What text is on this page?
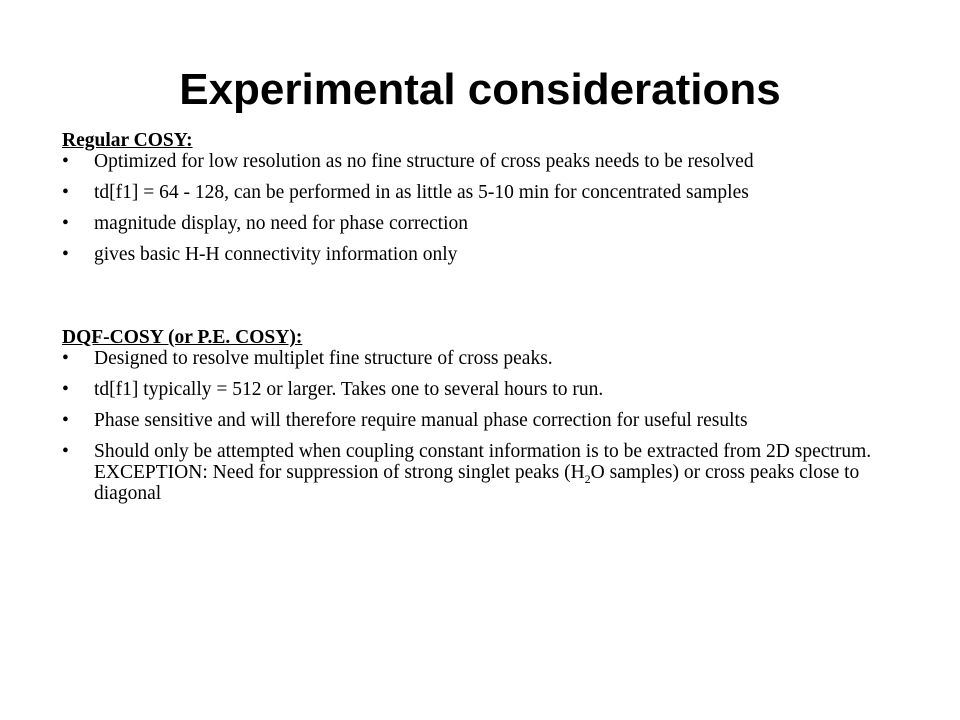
Experimental considerations

Regular COSY:

• Optimized for low resolution as no fine structure of cross peaks needs to be resolved
• td[f1] = 64 - 128, can be performed in as little as 5-10 min for concentrated samples
• magnitude display, no need for phase correction
• gives basic H-H connectivity information only

DQF-COSY (or P.E. COSY):

• Designed to resolve multiplet fine structure of cross peaks.
• td[f1] typically = 512 or larger. Takes one to several hours to run.
• Phase sensitive and will therefore require manual phase correction for useful results
• Should only be attempted when coupling constant information is to be extracted from 2D spectrum. EXCEPTION: Need for suppression of strong singlet peaks ($H_2O$ samples) or cross peaks close to diagonal
